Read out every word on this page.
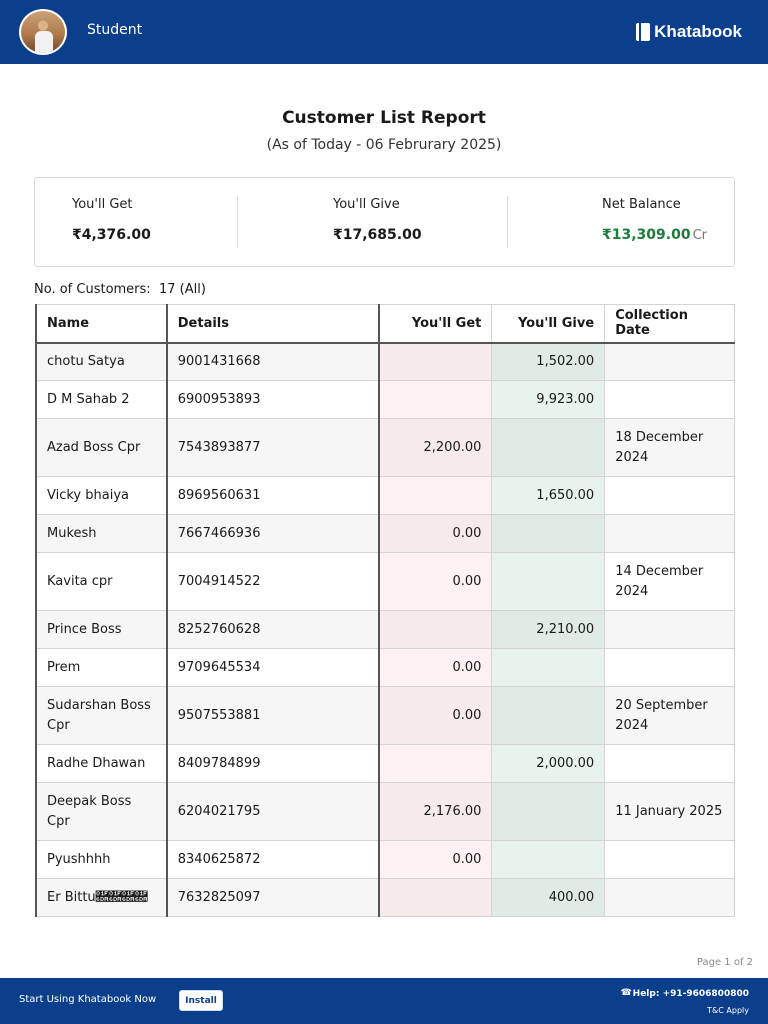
Student	Khatabook
Customer List Report
(As of Today - 06 Februrary 2025)
You'll Get
₹4,376.00
You'll Give
₹17,685.00
Net Balance
₹13,309.00 Cr
No. of Customers: 17 (All)
Name	Details	You'll Get	You'll Give	Collection Date
chotu Satya	9001431668		1,502.00	
D M Sahab 2	6900953893		9,923.00	
Azad Boss Cpr	7543893877	2,200.00		18 December 2024
Vicky bhaiya	8969560631		1,650.00	
Mukesh	7667466936	0.00		
Kavita cpr	7004914522	0.00		14 December 2024
Prince Boss	8252760628		2,210.00	
Prem	9709645534	0.00		
Sudarshan Boss Cpr	9507553881	0.00		20 September 2024
Radhe Dhawan	8409784899		2,000.00	
Deepak Boss Cpr	6204021795	2,176.00		11 January 2025
Pyushhhh	8340625872	0.00		
Er Bittu🛚🛚🛚🛚	7632825097		400.00	
Page 1 of 2
Start Using Khatabook Now	Install
☎
Help: +91-9606800800
T&C Apply
